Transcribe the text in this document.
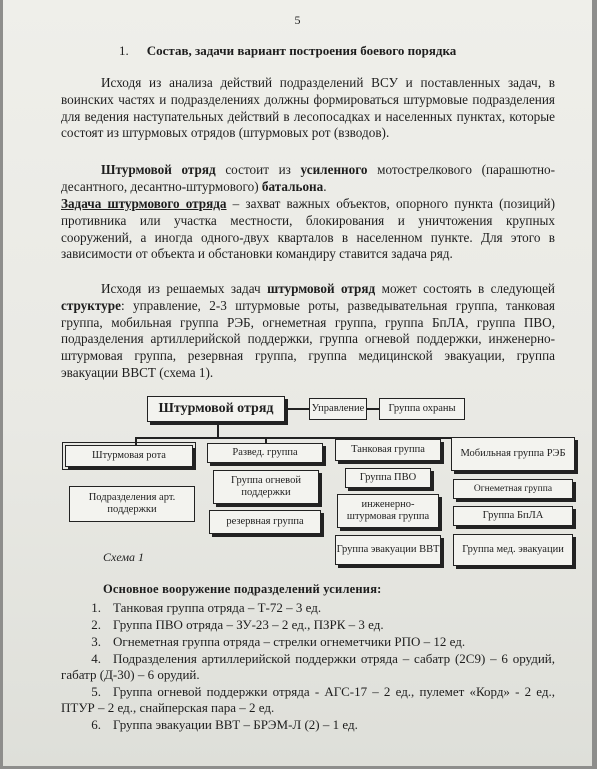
5
1. Состав, задачи вариант построения боевого порядка
Исходя из анализа действий подразделений ВСУ и поставленных задач, в воинских частях и подразделениях должны формироваться штурмовые подразделения для ведения наступательных действий в лесопосадках и населенных пунктах, которые состоят из штурмовых отрядов (штурмовых рот (взводов).
Штурмовой отряд состоит из усиленного мотострелкового (парашютно-десантного, десантно-штурмового) батальона.
Задача штурмового отряда – захват важных объектов, опорного пункта (позиций) противника или участка местности, блокирования и уничтожения крупных сооружений, а иногда одного-двух кварталов в населенном пункте. Для этого в зависимости от объекта и обстановки командиру ставится задача ряд.
Исходя из решаемых задач штурмовой отряд может состоять в следующей структуре: управление, 2-3 штурмовые роты, разведывательная группа, танковая группа, мобильная группа РЭБ, огнеметная группа, группа БпЛА, группа ПВО, подразделения артиллерийской поддержки, группа огневой поддержки, инженерно-штурмовая группа, резервная группа, группа медицинской эвакуации, группа эвакуации ВВСТ (схема 1).
Штурмовой отряд	Управление	Группа охраны
Штурмовая рота
Подразделения арт. поддержки
Развед. группа
Группа огневой поддержки
резервная группа
Танковая группа
Группа ПВО
инженерно-штурмовая группа
Группа эвакуации ВВТ
Мобильная группа РЭБ
Огнеметная группа
Группа БпЛА
Группа мед. эвакуации
Схема 1
Основное вооружение подразделений усиления:
1. Танковая группа отряда – Т-72 – 3 ед.
2. Группа ПВО отряда – ЗУ-23 – 2 ед., ПЗРК – 3 ед.
3. Огнеметная группа отряда – стрелки огнеметчики РПО – 12 ед.
4. Подразделения артиллерийской поддержки отряда – сабатр (2С9) – 6 орудий, габатр (Д-30) – 6 орудий.
5. Группа огневой поддержки отряда - АГС-17 – 2 ед., пулемет «Корд» - 2 ед., ПТУР – 2 ед., снайперская пара – 2 ед.
6. Группа эвакуации ВВТ – БРЭМ-Л (2) – 1 ед.
